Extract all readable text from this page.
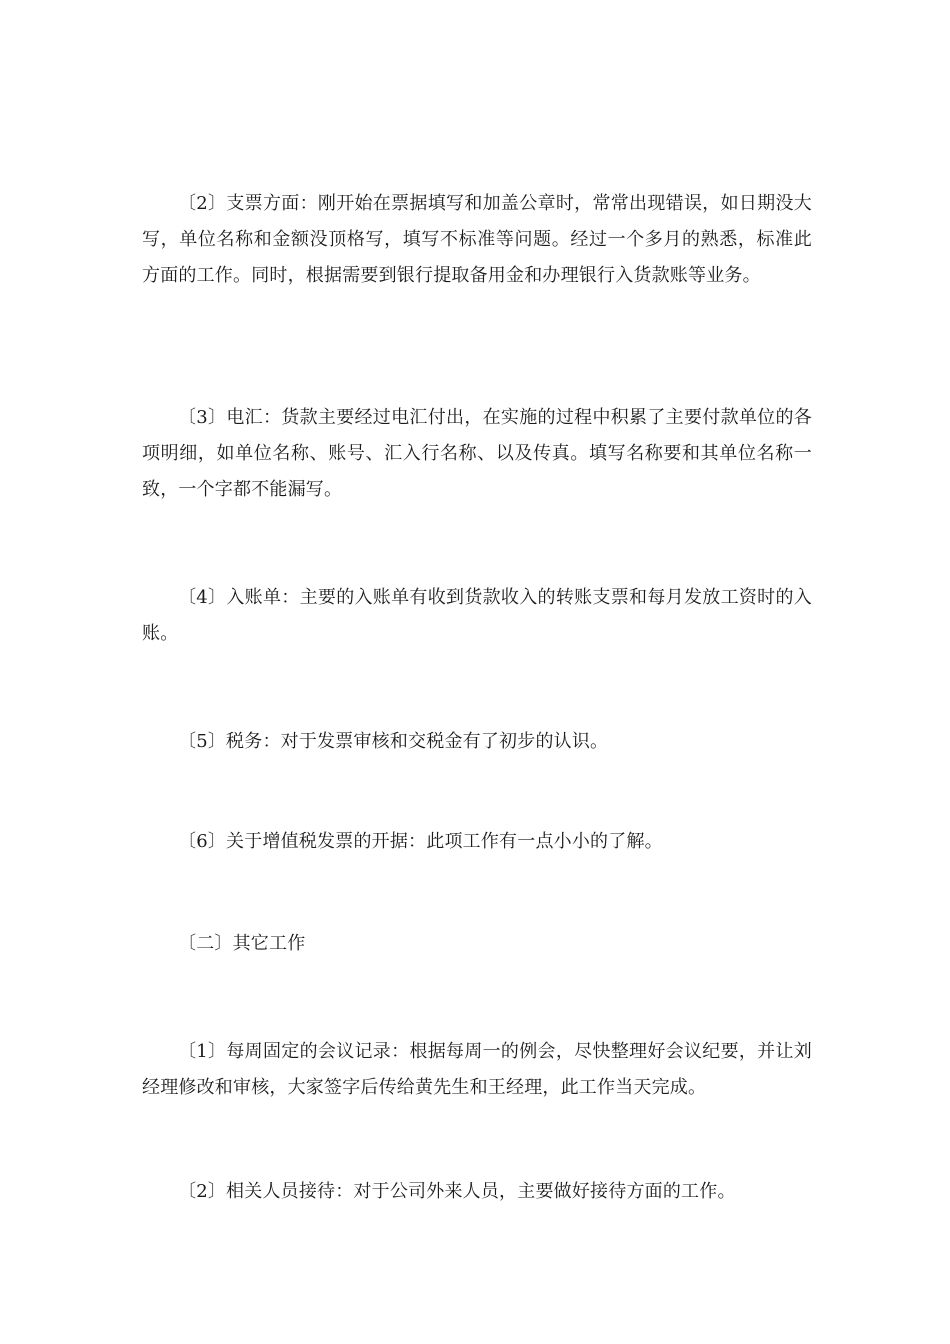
〔2〕支票方面：刚开始在票据填写和加盖公章时，常常出现错误，如日期没大写，单位名称和金额没顶格写，填写不标准等问题。经过一个多月的熟悉，标准此方面的工作。同时，根据需要到银行提取备用金和办理银行入货款账等业务。

〔3〕电汇：货款主要经过电汇付出，在实施的过程中积累了主要付款单位的各项明细，如单位名称、账号、汇入行名称、以及传真。填写名称要和其单位名称一致，一个字都不能漏写。

〔4〕入账单：主要的入账单有收到货款收入的转账支票和每月发放工资时的入账。

〔5〕税务：对于发票审核和交税金有了初步的认识。

〔6〕关于增值税发票的开据：此项工作有一点小小的了解。

〔二〕其它工作

〔1〕每周固定的会议记录：根据每周一的例会，尽快整理好会议纪要，并让刘经理修改和审核，大家签字后传给黄先生和王经理，此工作当天完成。

〔2〕相关人员接待：对于公司外来人员，主要做好接待方面的工作。
